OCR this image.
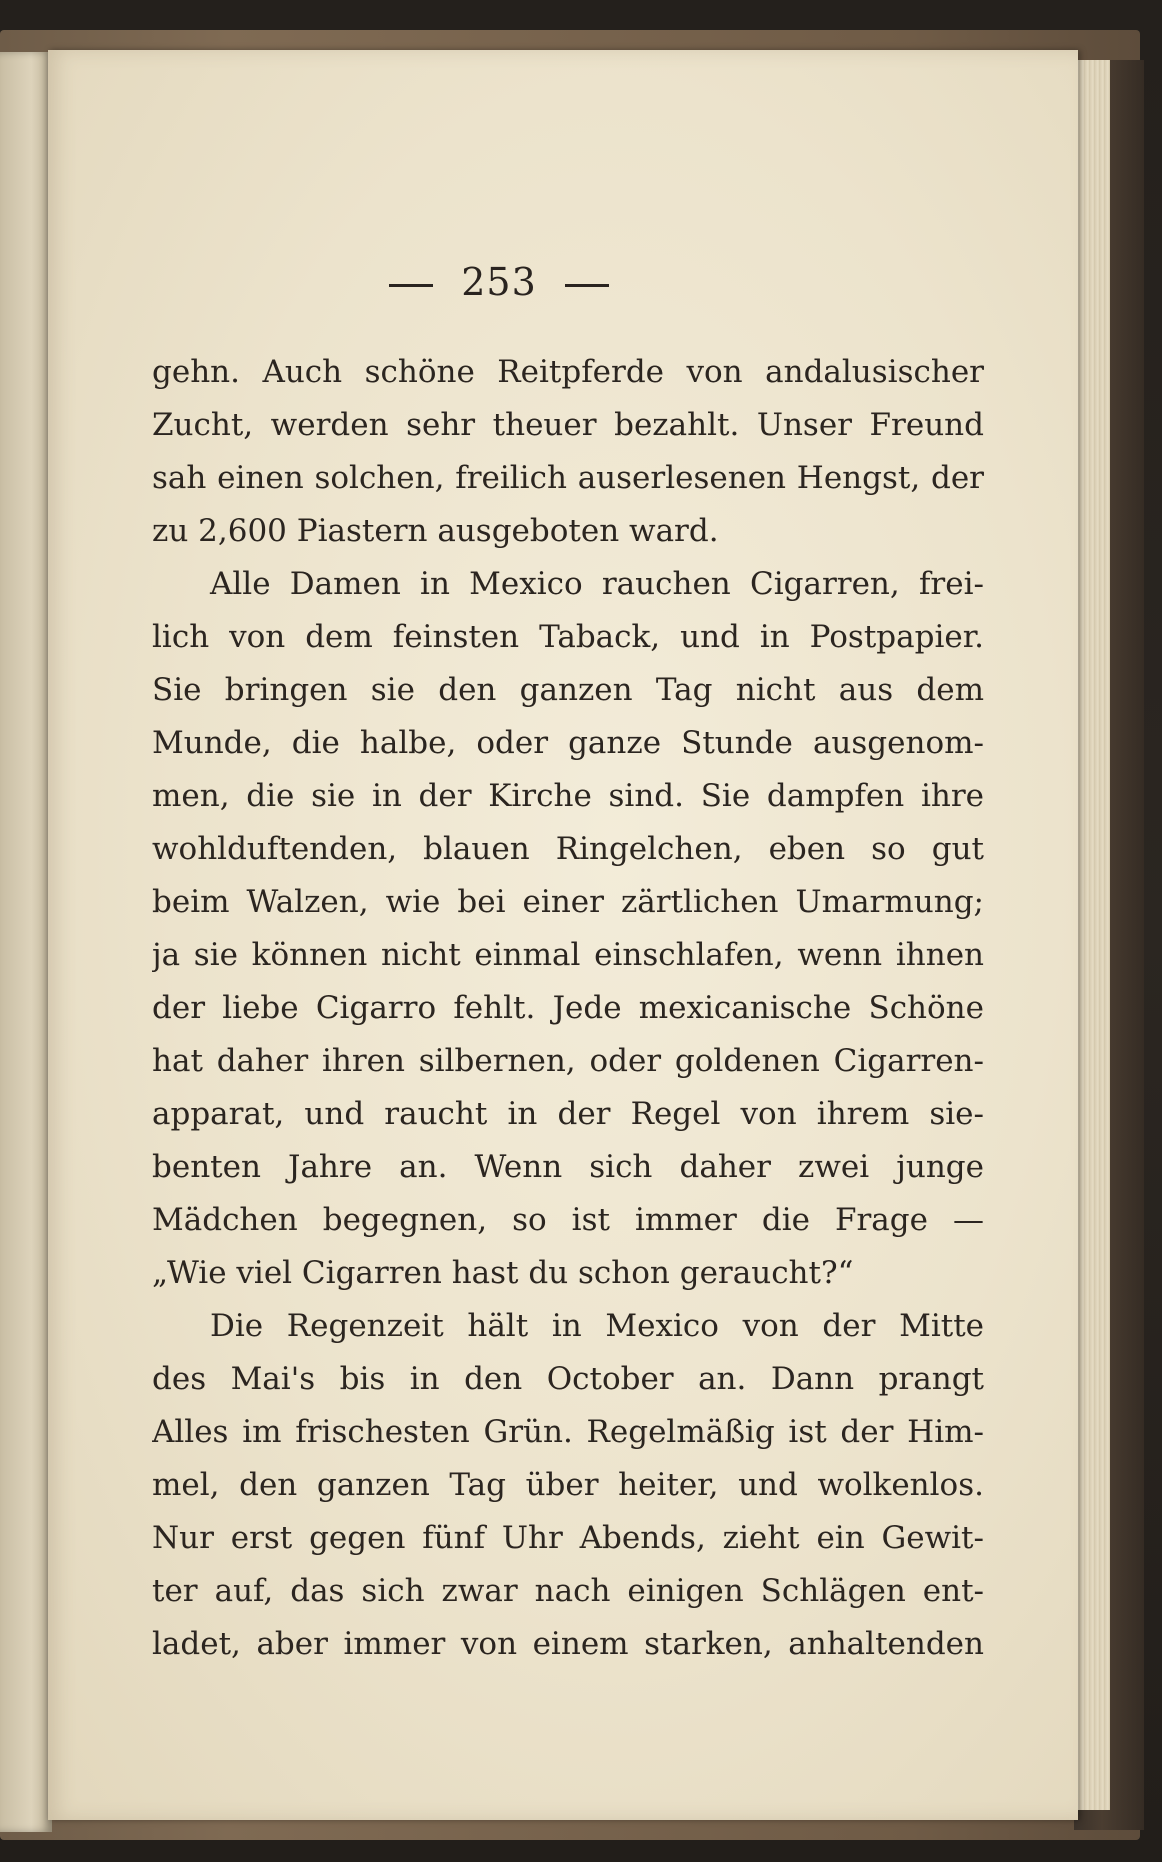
253
gehn. Auch schöne Reitpferde von andalusischer
Zucht, werden sehr theuer bezahlt. Unser Freund
sah einen solchen, freilich auserlesenen Hengst, der
zu 2,600 Piastern ausgeboten ward.
Alle Damen in Mexico rauchen Cigarren, frei-
lich von dem feinsten Taback, und in Postpapier.
Sie bringen sie den ganzen Tag nicht aus dem
Munde, die halbe, oder ganze Stunde ausgenom-
men, die sie in der Kirche sind. Sie dampfen ihre
wohlduftenden, blauen Ringelchen, eben so gut
beim Walzen, wie bei einer zärtlichen Umarmung;
ja sie können nicht einmal einschlafen, wenn ihnen
der liebe Cigarro fehlt. Jede mexicanische Schöne
hat daher ihren silbernen, oder goldenen Cigarren-
apparat, und raucht in der Regel von ihrem sie-
benten Jahre an. Wenn sich daher zwei junge
Mädchen begegnen, so ist immer die Frage —
„Wie viel Cigarren hast du schon geraucht?“
Die Regenzeit hält in Mexico von der Mitte
des Mai's bis in den October an. Dann prangt
Alles im frischesten Grün. Regelmäßig ist der Him-
mel, den ganzen Tag über heiter, und wolkenlos.
Nur erst gegen fünf Uhr Abends, zieht ein Gewit-
ter auf, das sich zwar nach einigen Schlägen ent-
ladet, aber immer von einem starken, anhaltenden
